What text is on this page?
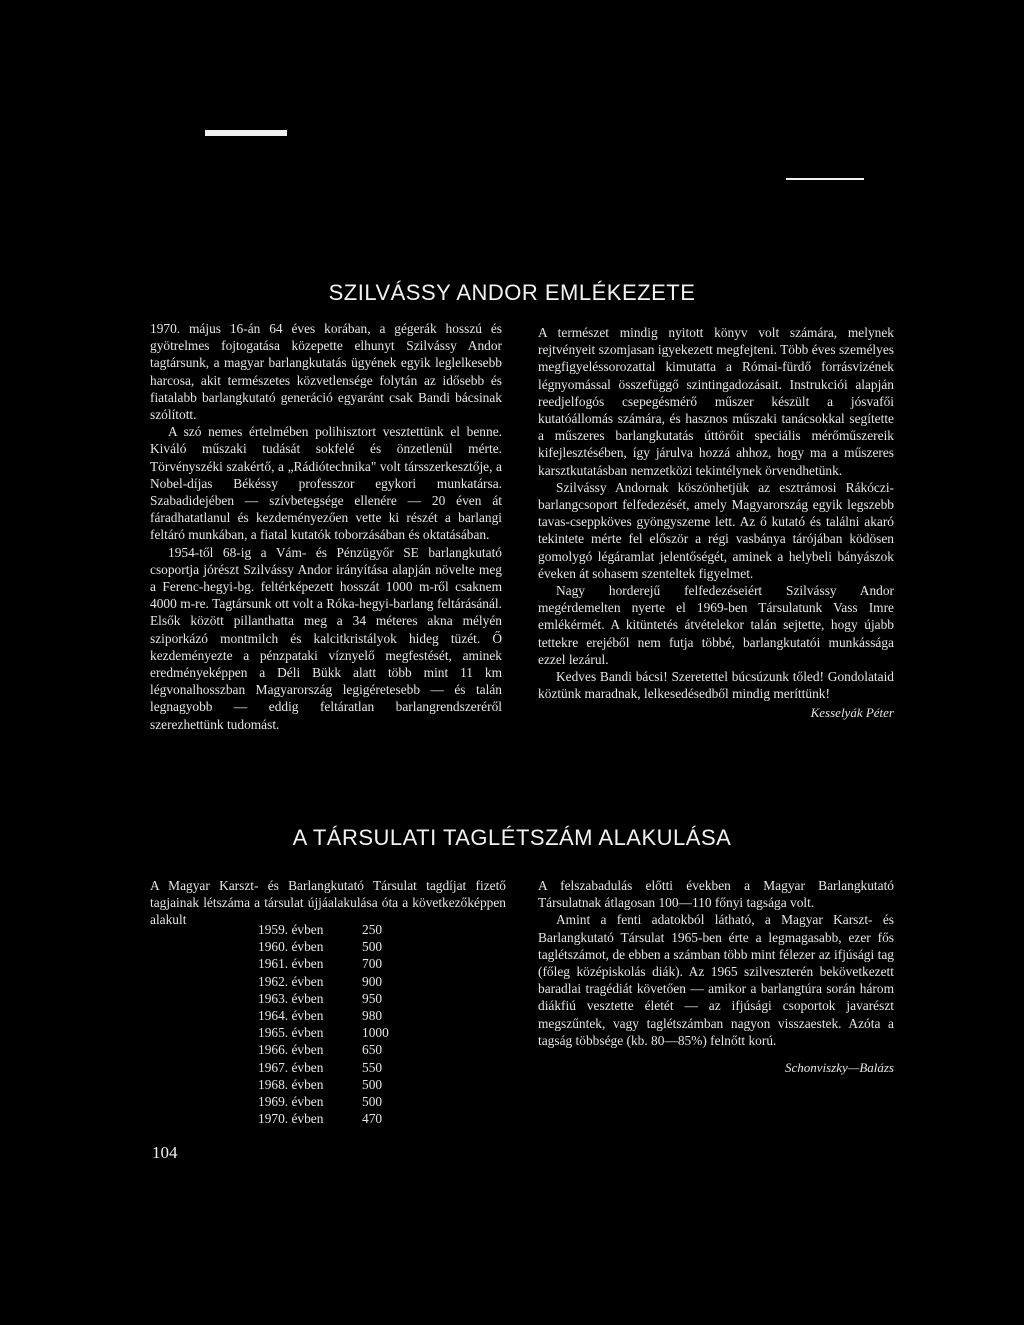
SZILVÁSSY ANDOR EMLÉKEZETE

1970. május 16-án 64 éves korában, a gégerák hosszú és gyötrelmes fojtogatása közepette elhunyt Szilvássy Andor tagtársunk, a magyar barlangkutatás ügyének egyik leglelkesebb harcosa, akit természetes közvetlensége folytán az idősebb és fiatalabb barlangkutató generáció egyaránt csak Bandi bácsinak szólított.

A szó nemes értelmében polihisztort vesztettünk el benne. Kiváló műszaki tudását sokfelé és önzetlenül mérte. Törvényszéki szakértő, a „Rádiótechnika" volt társszerkesztője, a Nobel-díjas Békéssy professzor egykori munkatársa. Szabadidejében — szívbetegsége ellenére — 20 éven át fáradhatatlanul és kezdeményezően vette ki részét a barlangi feltáró munkában, a fiatal kutatók toborzásában és oktatásában.

1954-től 68-ig a Vám- és Pénzügyőr SE barlangkutató csoportja jórészt Szilvássy Andor irányítása alapján növelte meg a Ferenc-hegyi-bg. feltérképezett hosszát 1000 m-ről csaknem 4000 m-re. Tagtársunk ott volt a Róka-hegyi-barlang feltárásánál. Elsők között pillanthatta meg a 34 méteres akna mélyén sziporkázó montmilch és kalcitkristályok hideg tüzét. Ő kezdeményezte a pénzpataki víznyelő megfestését, aminek eredményeképpen a Déli Bükk alatt több mint 11 km légvonalhosszban Magyarország legigéretesebb — és talán legnagyobb — eddig feltáratlan barlangrendszeréről szerezhettünk tudomást.

A természet mindig nyitott könyv volt számára, melynek rejtvényeit szomjasan igyekezett megfejteni. Több éves személyes megfigyeléssorozattal kimutatta a Római-fürdő forrásvizének légnyomással összefüggő szintingadozásait. Instrukciói alapján reedjelfogós csepegésmérő műszer készült a jósvafői kutatóállomás számára, és hasznos műszaki tanácsokkal segítette a műszeres barlangkutatás úttörőit speciális mérőműszereik kifejlesztésében, így járulva hozzá ahhoz, hogy ma a műszeres karsztkutatásban nemzetközi tekintélynek örvendhetünk.

Szilvássy Andornak köszönhetjük az esztrámosi Rákóczi-barlangcsoport felfedezését, amely Magyarország egyik legszebb tavas-cseppköves gyöngyszeme lett. Az ő kutató és találni akaró tekintete mérte fel először a régi vasbánya tárójában ködösen gomolygó légáramlat jelentőségét, aminek a helybeli bányászok éveken át sohasem szenteltek figyelmet.

Nagy horderejű felfedezéseiért Szilvássy Andor megérdemelten nyerte el 1969-ben Társulatunk Vass Imre emlékérmét. A kitüntetés átvételekor talán sejtette, hogy újabb tettekre erejéből nem futja többé, barlangkutatói munkássága ezzel lezárul.

Kedves Bandi bácsi! Szeretettel búcsúzunk tőled! Gondolataid köztünk maradnak, lelkesedésedből mindig meríttünk!

Kesselyák Péter
A TÁRSULATI TAGLÉTSZÁM ALAKULÁSA

A Magyar Karszt- és Barlangkutató Társulat tagdíjat fizető tagjainak létszáma a társulat újjáalakulása óta a következőképpen alakult

1959. évben	250
1960. évben	500
1961. évben	700
1962. évben	900
1963. évben	950
1964. évben	980
1965. évben	1000
1966. évben	650
1967. évben	550
1968. évben	500
1969. évben	500
1970. évben	470

A felszabadulás előtti években a Magyar Barlangkutató Társulatnak átlagosan 100—110 főnyi tagsága volt.

Amint a fenti adatokból látható, a Magyar Karszt- és Barlangkutató Társulat 1965-ben érte a legmagasabb, ezer fős taglétszámot, de ebben a számban több mint félezer az ifjúsági tag (főleg középiskolás diák). Az 1965 szilveszterén bekövetkezett baradlai tragédiát követően — amikor a barlangtúra során három diákfiú vesztette életét — az ifjúsági csoportok javarészt megszűntek, vagy taglétszámban nagyon visszaestek. Azóta a tagság többsége (kb. 80—85%) felnőtt korú.

Schonviszky—Balázs
104
